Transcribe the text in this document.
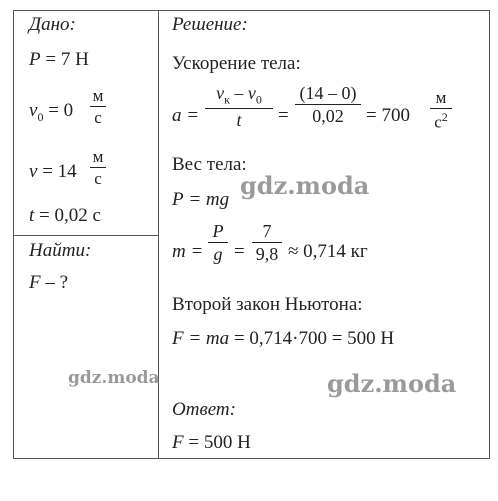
Дано:
P = 7 Н
$v_0 = 0$
м
с
v = 14
м
с
t = 0,02 с
Найти:
F – ?
Решение:
Ускорение тела:
a =
$v_к - v_0$
t	=
(14 – 0)
0,02	= 700
м
$с^2$
Вес тела:
P = mg
m =
P
g =
7
9,8 ≈ 0,714 кг
Второй закон Ньютона:
F = ma = 0,714·700 = 500 Н
Ответ:
F = 500 Н
gdz.moda
gdz.moda	gdz.moda
